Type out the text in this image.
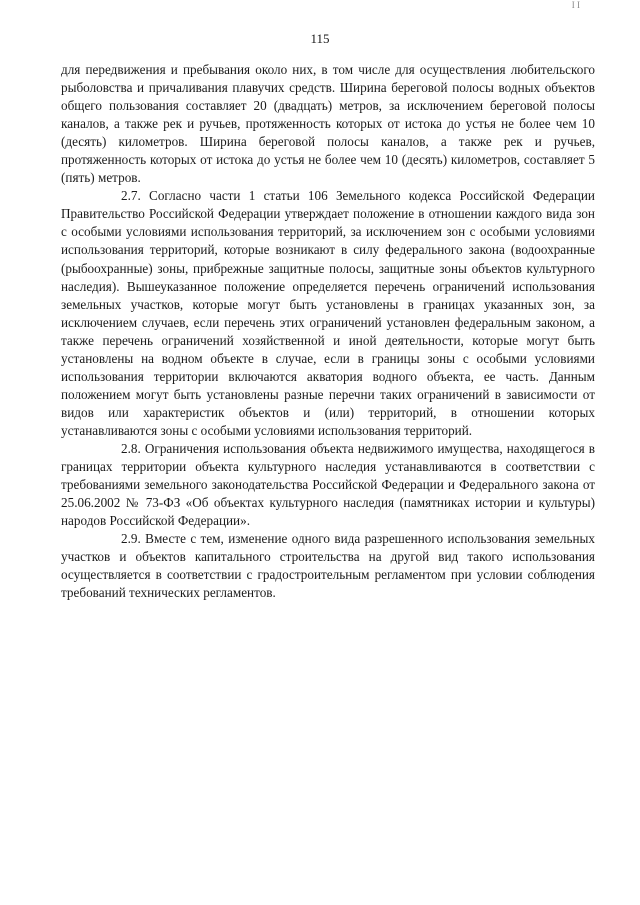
I I
115

для передвижения и пребывания около них, в том числе для осуществления любительского рыболовства и причаливания плавучих средств. Ширина береговой полосы водных объектов общего пользования составляет 20 (двадцать) метров, за исключением береговой полосы каналов, а также рек и ручьев, протяженность которых от истока до устья не более чем 10 (десять) километров. Ширина береговой полосы каналов, а также рек и ручьев, протяженность которых от истока до устья не более чем 10 (десять) километров, составляет 5 (пять) метров.

2.7. Согласно части 1 статьи 106 Земельного кодекса Российской Федерации Правительство Российской Федерации утверждает положение в отношении каждого вида зон с особыми условиями использования территорий, за исключением зон с особыми условиями использования территорий, которые возникают в силу федерального закона (водоохранные (рыбоохранные) зоны, прибрежные защитные полосы, защитные зоны объектов культурного наследия). Вышеуказанное положение определяется перечень ограничений использования земельных участков, которые могут быть установлены в границах указанных зон, за исключением случаев, если перечень этих ограничений установлен федеральным законом, а также перечень ограничений хозяйственной и иной деятельности, которые могут быть установлены на водном объекте в случае, если в границы зоны с особыми условиями использования территории включаются акватория водного объекта, ее часть. Данным положением могут быть установлены разные перечни таких ограничений в зависимости от видов или характеристик объектов и (или) территорий, в отношении которых устанавливаются зоны с особыми условиями использования территорий.

2.8. Ограничения использования объекта недвижимого имущества, находящегося в границах территории объекта культурного наследия устанавливаются в соответствии с требованиями земельного законодательства Российской Федерации и Федерального закона от 25.06.2002 № 73-ФЗ «Об объектах культурного наследия (памятниках истории и культуры) народов Российской Федерации».

2.9. Вместе с тем, изменение одного вида разрешенного использования земельных участков и объектов капитального строительства на другой вид такого использования осуществляется в соответствии с градостроительным регламентом при условии соблюдения требований технических регламентов.
